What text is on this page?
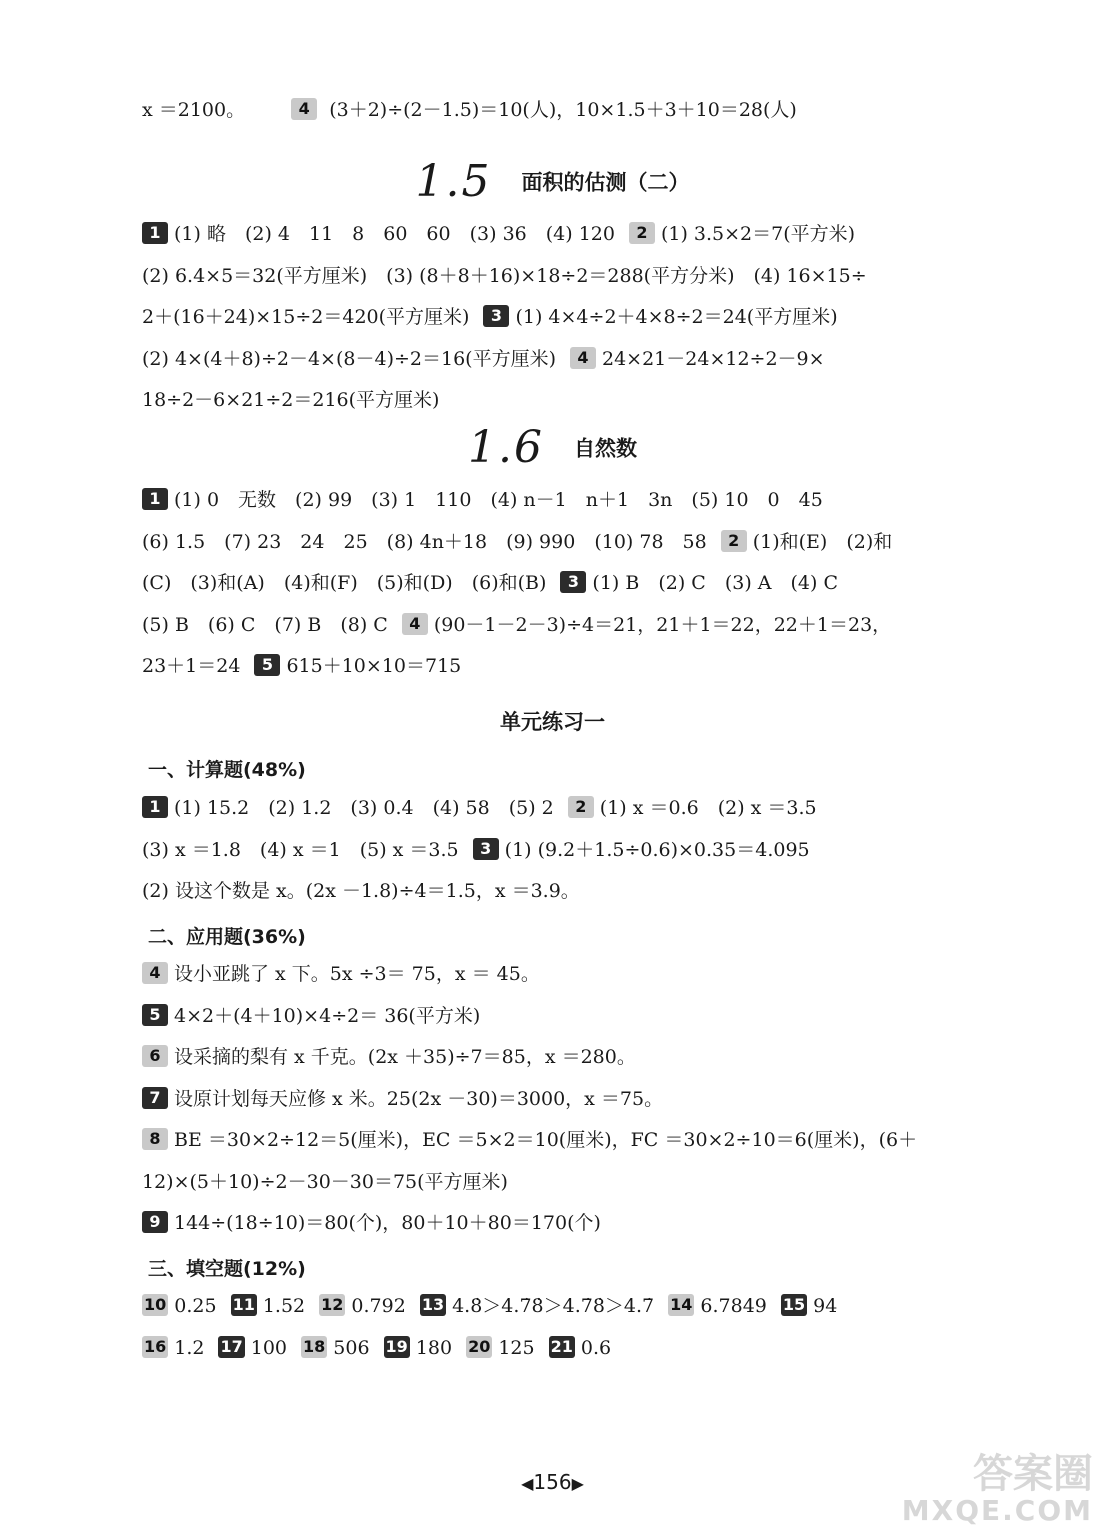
x ＝2100。	4 (3＋2)÷(2－1.5)＝10(人)，10×1.5＋3＋10＝28(人)
1.5 面积的估测（二）
1 (1) 略　(2) 4　11　8　60　60　(3) 36　(4) 120 2 (1) 3.5×2＝7(平方米)
(2) 6.4×5＝32(平方厘米)　(3) (8＋8＋16)×18÷2＝288(平方分米)　(4) 16×15÷
2＋(16＋24)×15÷2＝420(平方厘米) 3 (1) 4×4÷2＋4×8÷2＝24(平方厘米)
(2) 4×(4＋8)÷2－4×(8－4)÷2＝16(平方厘米) 4 24×21－24×12÷2－9×
18÷2－6×21÷2＝216(平方厘米)
1.6 自然数
1 (1) 0　无数　(2) 99　(3) 1　110　(4) n－1　n＋1　3n　(5) 10　0　45
(6) 1.5　(7) 23　24　25　(8) 4n＋18　(9) 990　(10) 78　58 2 (1)和(E)　(2)和
(C)　(3)和(A)　(4)和(F)　(5)和(D)　(6)和(B) 3 (1) B　(2) C　(3) A　(4) C
(5) B　(6) C　(7) B　(8) C 4 (90－1－2－3)÷4＝21，21＋1＝22，22＋1＝23，
23＋1＝24 5 615＋10×10＝715
单元练习一
一、计算题(48%)
1 (1) 15.2　(2) 1.2　(3) 0.4　(4) 58　(5) 2 2 (1) x ＝0.6　(2) x ＝3.5
(3) x ＝1.8　(4) x ＝1　(5) x ＝3.5 3 (1) (9.2＋1.5÷0.6)×0.35＝4.095
(2) 设这个数是 x。(2x －1.8)÷4＝1.5，x ＝3.9。
二、应用题(36%)
4 设小亚跳了 x 下。5x ÷3＝ 75，x ＝ 45。
5 4×2＋(4＋10)×4÷2＝ 36(平方米)
6 设采摘的梨有 x 千克。(2x ＋35)÷7＝85，x ＝280。
7 设原计划每天应修 x 米。25(2x －30)＝3000，x ＝75。
8 BE ＝30×2÷12＝5(厘米)，EC ＝5×2＝10(厘米)，FC ＝30×2÷10＝6(厘米)，(6＋
12)×(5＋10)÷2－30－30＝75(平方厘米)
9 144÷(18÷10)＝80(个)，80＋10＋80＝170(个)
三、填空题(12%)
10 0.25 11 1.52 12 0.792 13 4.8̇＞4.7̇8̇＞4.7̇8̇＞4.7̇ 14 6.7849 15 94
16 1.2 17 100 18 506 19 180 20 125 21 0.6
◀156▶	答案圈
MXQE.COM
